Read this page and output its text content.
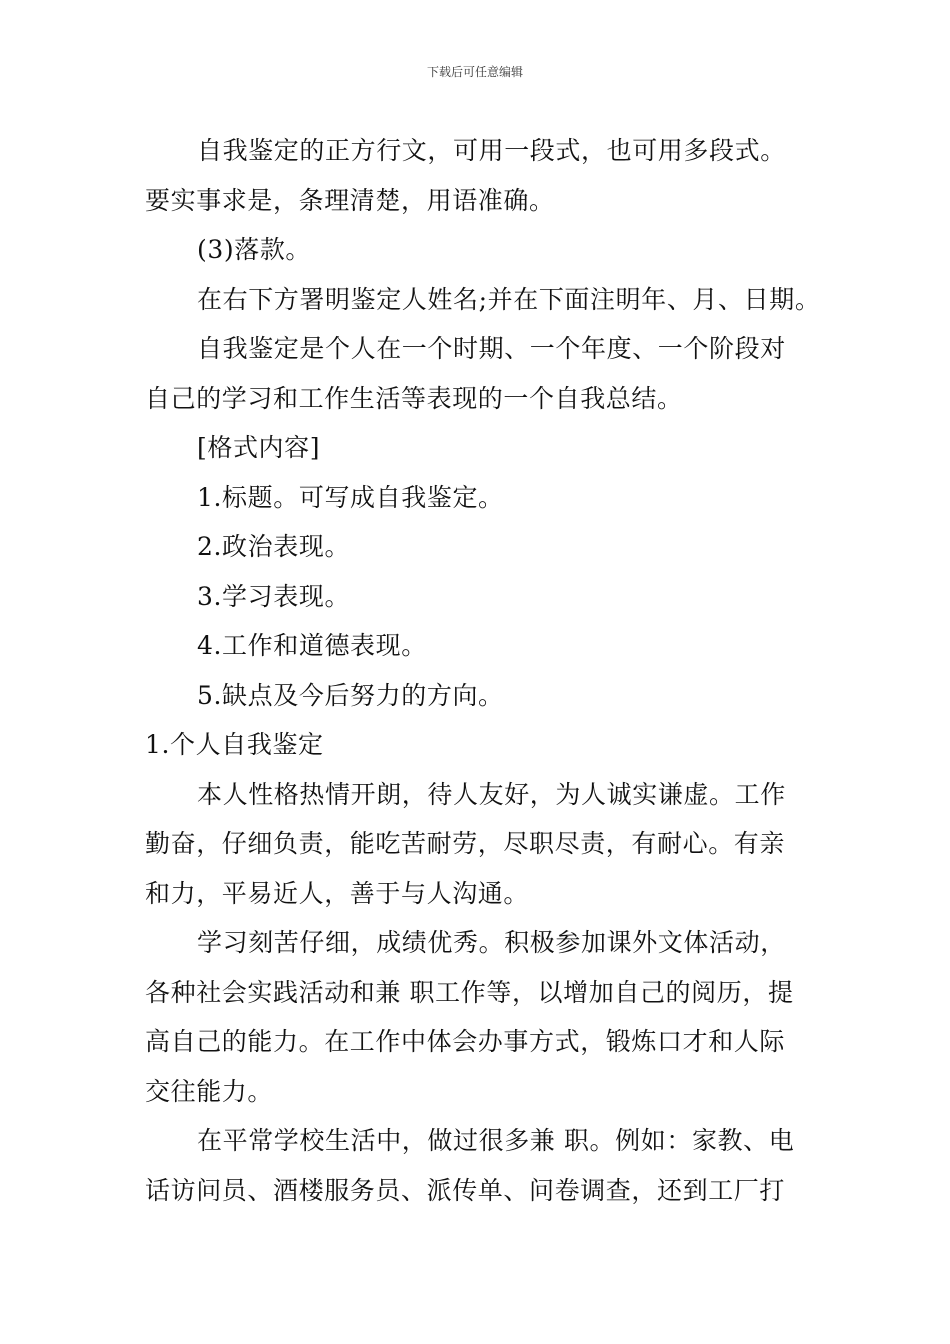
下载后可任意编辑

自我鉴定的正方行文，可用一段式，也可用多段式。

要实事求是，条理清楚，用语准确。

(3)落款。

在右下方署明鉴定人姓名;并在下面注明年、月、日期。

自我鉴定是个人在一个时期、一个年度、一个阶段对

自己的学习和工作生活等表现的一个自我总结。

[格式内容]

1.标题。可写成自我鉴定。

2.政治表现。

3.学习表现。

4.工作和道德表现。

5.缺点及今后努力的方向。

1.个人自我鉴定

本人性格热情开朗，待人友好，为人诚实谦虚。工作

勤奋，仔细负责，能吃苦耐劳，尽职尽责，有耐心。有亲

和力，平易近人，善于与人沟通。

学习刻苦仔细，成绩优秀。积极参加课外文体活动，

各种社会实践活动和兼 职工作等，以增加自己的阅历，提

高自己的能力。在工作中体会办事方式，锻炼口才和人际

交往能力。

在平常学校生活中，做过很多兼 职。例如：家教、电

话访问员、酒楼服务员、派传单、问卷调查，还到工厂打
